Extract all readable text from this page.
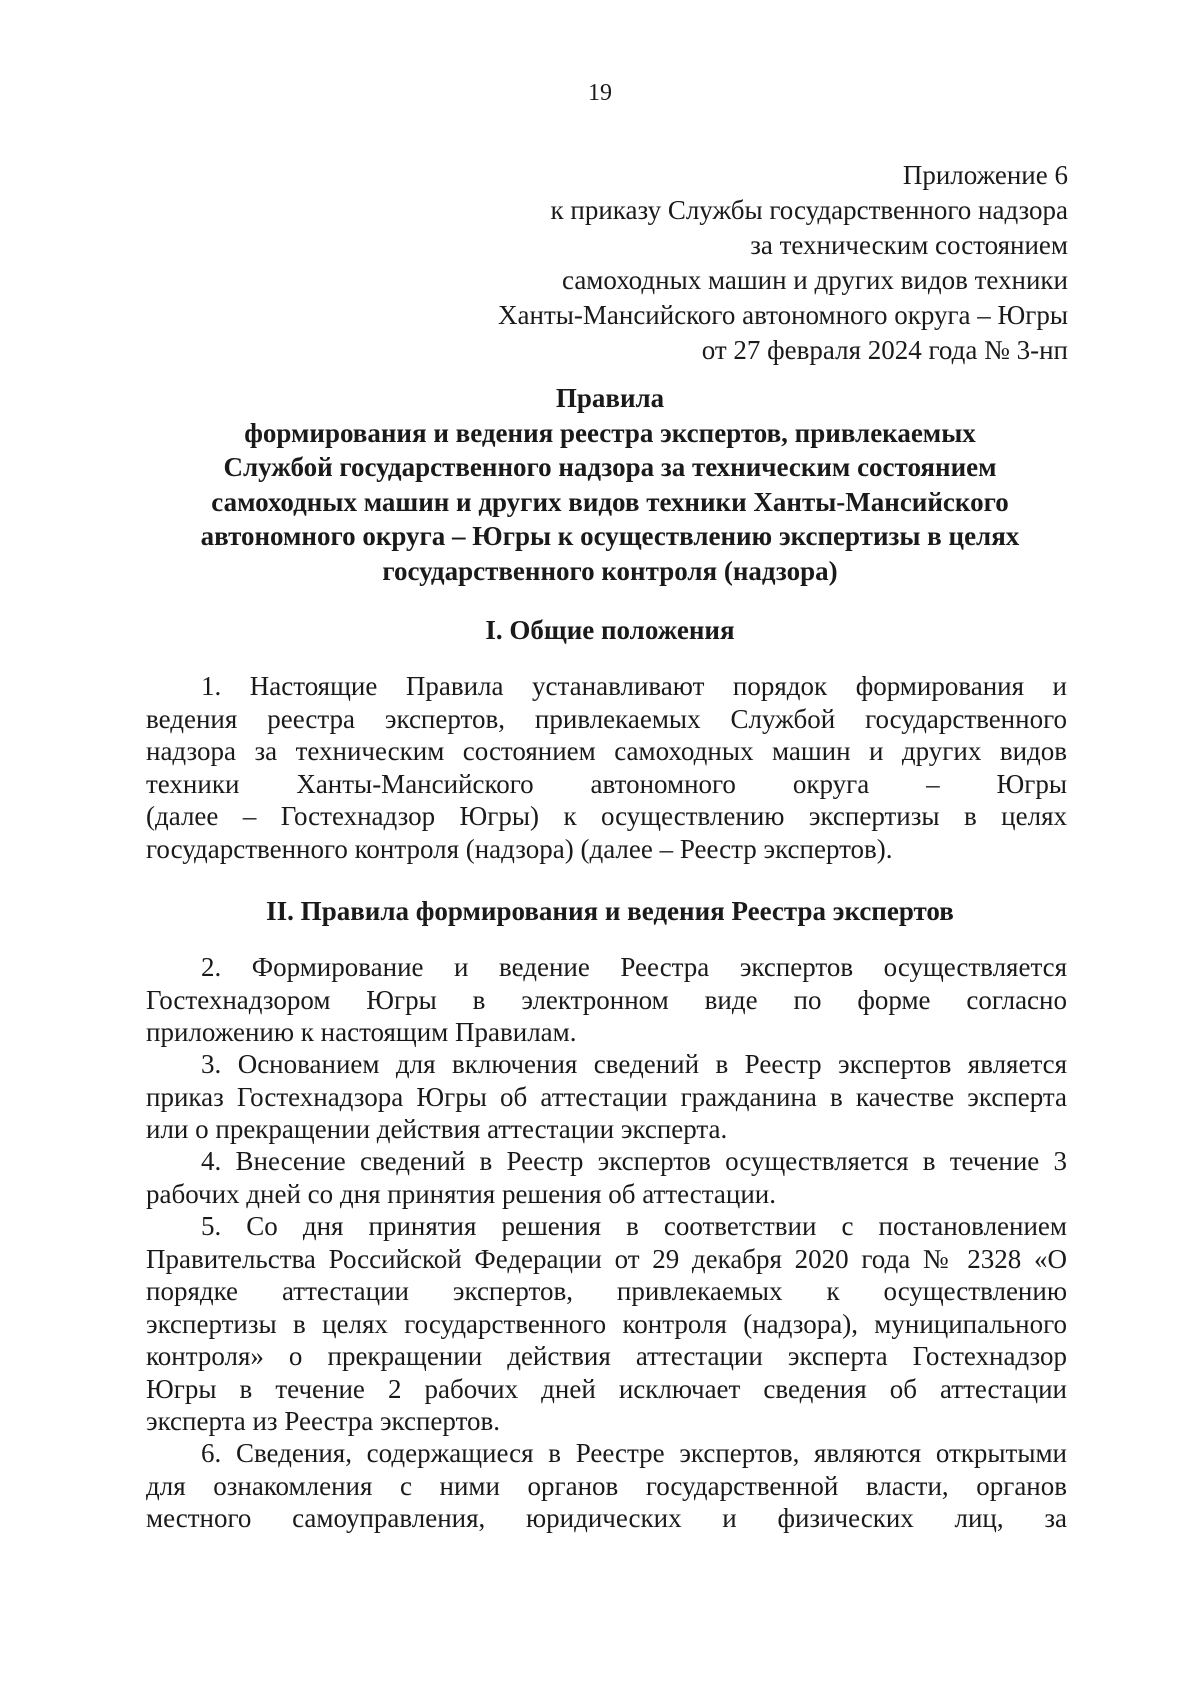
19
Приложение 6
к приказу Службы государственного надзора
за техническим состоянием
самоходных машин и других видов техники
Ханты-Мансийского автономного округа – Югры
от 27 февраля 2024 года № 3-нп
Правила
формирования и ведения реестра экспертов, привлекаемых
Службой государственного надзора за техническим состоянием
самоходных машин и других видов техники Ханты-Мансийского
автономного округа – Югры к осуществлению экспертизы в целях
государственного контроля (надзора)
I. Общие положения
1. Настоящие Правила устанавливают порядок формирования и
ведения реестра экспертов, привлекаемых Службой государственного
надзора за техническим состоянием самоходных машин и других видов
техники Ханты-Мансийского автономного округа – Югры
(далее – Гостехнадзор Югры) к осуществлению экспертизы в целях
государственного контроля (надзора) (далее – Реестр экспертов).
II. Правила формирования и ведения Реестра экспертов
2. Формирование и ведение Реестра экспертов осуществляется
Гостехнадзором Югры в электронном виде по форме согласно
приложению к настоящим Правилам.
3. Основанием для включения сведений в Реестр экспертов является
приказ Гостехнадзора Югры об аттестации гражданина в качестве эксперта
или о прекращении действия аттестации эксперта.
4. Внесение сведений в Реестр экспертов осуществляется в течение 3
рабочих дней со дня принятия решения об аттестации.
5. Со дня принятия решения в соответствии с постановлением
Правительства Российской Федерации от 29 декабря 2020 года № 2328 «О
порядке аттестации экспертов, привлекаемых к осуществлению
экспертизы в целях государственного контроля (надзора), муниципального
контроля» о прекращении действия аттестации эксперта Гостехнадзор
Югры в течение 2 рабочих дней исключает сведения об аттестации
эксперта из Реестра экспертов.
6. Сведения, содержащиеся в Реестре экспертов, являются открытыми
для ознакомления с ними органов государственной власти, органов
местного самоуправления, юридических и физических лиц, за
